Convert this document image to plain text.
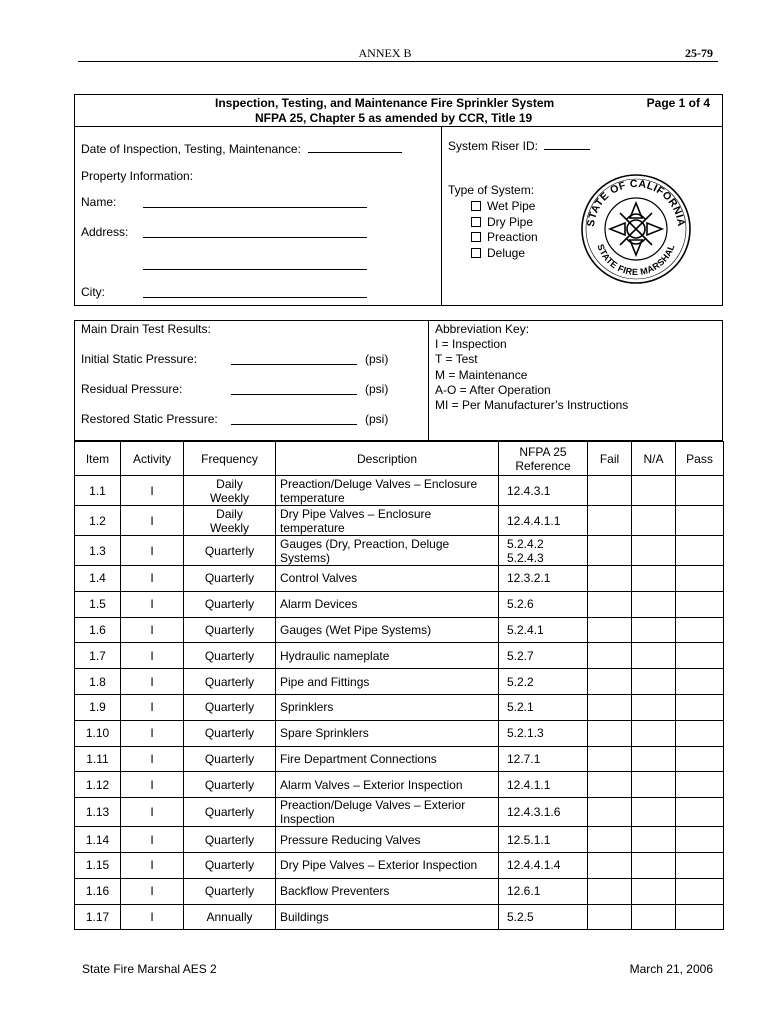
ANNEX B	25-79
Inspection, Testing, and Maintenance Fire Sprinkler System
NFPA 25, Chapter 5 as amended by CCR, Title 19
Page 1 of 4
Date of Inspection, Testing, Maintenance:
Property Information:
Name:
Address:
City:
System Riser ID:
Type of System:
Wet Pipe
Dry Pipe
Preaction
Deluge
STATE OF CALIFORNIA
STATE FIRE MARSHAL
Main Drain Test Results:
Initial Static Pressure:	(psi)
Residual Pressure:	(psi)
Restored Static Pressure:	(psi)
Abbreviation Key:
I = Inspection
T = Test
M = Maintenance
A-O = After Operation
MI = Per Manufacturer’s Instructions
Item	Activity	Frequency	Description	NFPA 25 Reference	Fail	N/A	Pass
1.1	I	Daily Weekly	Preaction/Deluge Valves – Enclosure temperature	12.4.3.1			
1.2	I	Daily Weekly	Dry Pipe Valves – Enclosure temperature	12.4.4.1.1			
1.3	I	Quarterly	Gauges (Dry, Preaction, Deluge Systems)	5.2.4.2 5.2.4.3			
1.4	I	Quarterly	Control Valves	12.3.2.1			
1.5	I	Quarterly	Alarm Devices	5.2.6			
1.6	I	Quarterly	Gauges (Wet Pipe Systems)	5.2.4.1			
1.7	I	Quarterly	Hydraulic nameplate	5.2.7			
1.8	I	Quarterly	Pipe and Fittings	5.2.2			
1.9	I	Quarterly	Sprinklers	5.2.1			
1.10	I	Quarterly	Spare Sprinklers	5.2.1.3			
1.11	I	Quarterly	Fire Department Connections	12.7.1			
1.12	I	Quarterly	Alarm Valves – Exterior Inspection	12.4.1.1			
1.13	I	Quarterly	Preaction/Deluge Valves – Exterior Inspection	12.4.3.1.6			
1.14	I	Quarterly	Pressure Reducing Valves	12.5.1.1			
1.15	I	Quarterly	Dry Pipe Valves – Exterior Inspection	12.4.4.1.4			
1.16	I	Quarterly	Backflow Preventers	12.6.1			
1.17	I	Annually	Buildings	5.2.5			
State Fire Marshal AES 2	March 21, 2006
